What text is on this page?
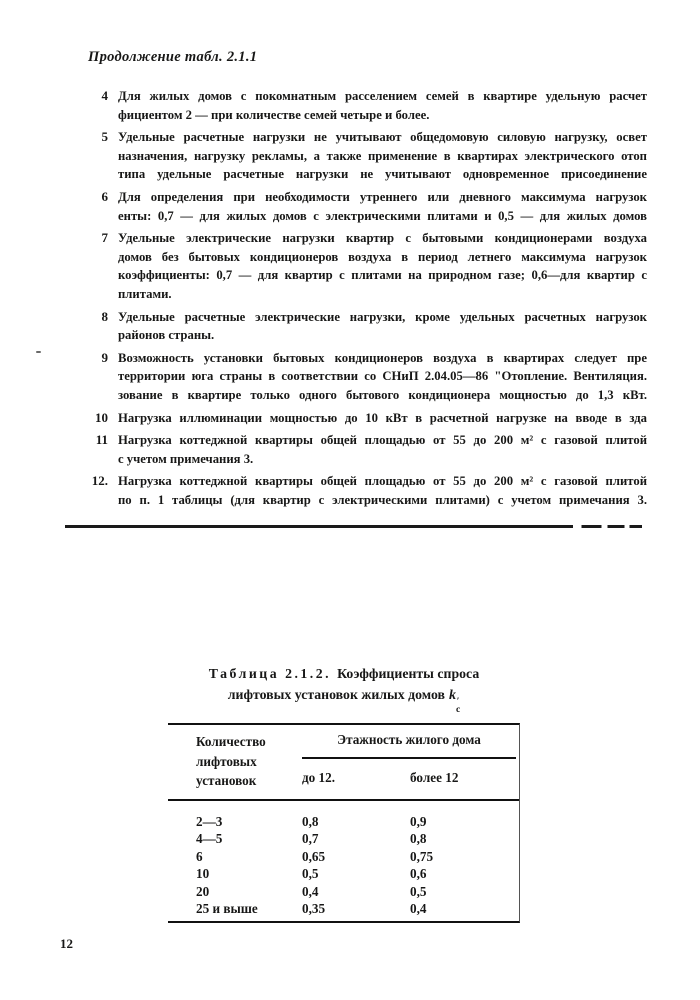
Продолжение табл. 2.1.1
4 Для жилых домов с покомнатным расселением семей в квартире удельную расчет
фициентом 2 — при количестве семей четыре и более.
5 Удельные расчетные нагрузки не учитывают общедомовую силовую нагрузку, освет
назначения, нагрузку рекламы, а также применение в квартирах электрического отоп
типа удельные расчетные нагрузки не учитывают одновременное присоединение
6 Для определения при необходимости утреннего или дневного максимума нагрузок
енты: 0,7 — для жилых домов с электрическими плитами и 0,5 — для жилых домов
7 Удельные электрические нагрузки квартир с бытовыми кондиционерами воздуха
домов без бытовых кондиционеров воздуха в период летнего максимума нагрузок
коэффициенты: 0,7 — для квартир с плитами на природном газе; 0,6—для квартир с
плитами.
8 Удельные расчетные электрические нагрузки, кроме удельных расчетных нагрузок
районов страны.
9 Возможность установки бытовых кондиционеров воздуха в квартирах следует пре
территории юга страны в соответствии со СНиП 2.04.05—86 "Отопление. Вентиляция.
зование в квартире только одного бытового кондиционера мощностью до 1,3 кВт.
10 Нагрузка иллюминации мощностью до 10 кВт в расчетной нагрузке на вводе в зда
11 Нагрузка коттеджной квартиры общей площадью от 55 до 200 м² с газовой плитой
с учетом примечания 3.
12. Нагрузка коттеджной квартиры общей площадью от 55 до 200 м² с газовой плитой
по п. 1 таблицы (для квартир с электрическими плитами) с учетом примечания 3.
Таблица 2.1.2. Коэффициенты спроса
лифтовых установок жилых домов k ′
c
Количество
лифтовых
установок
Этажность жилого дома
до 12.	более 12
2—3	0,8	0,9
4—5	0,7	0,8
6	0,65	0,75
10	0,5	0,6
20	0,4	0,5
25 и выше	0,35	0,4
12
